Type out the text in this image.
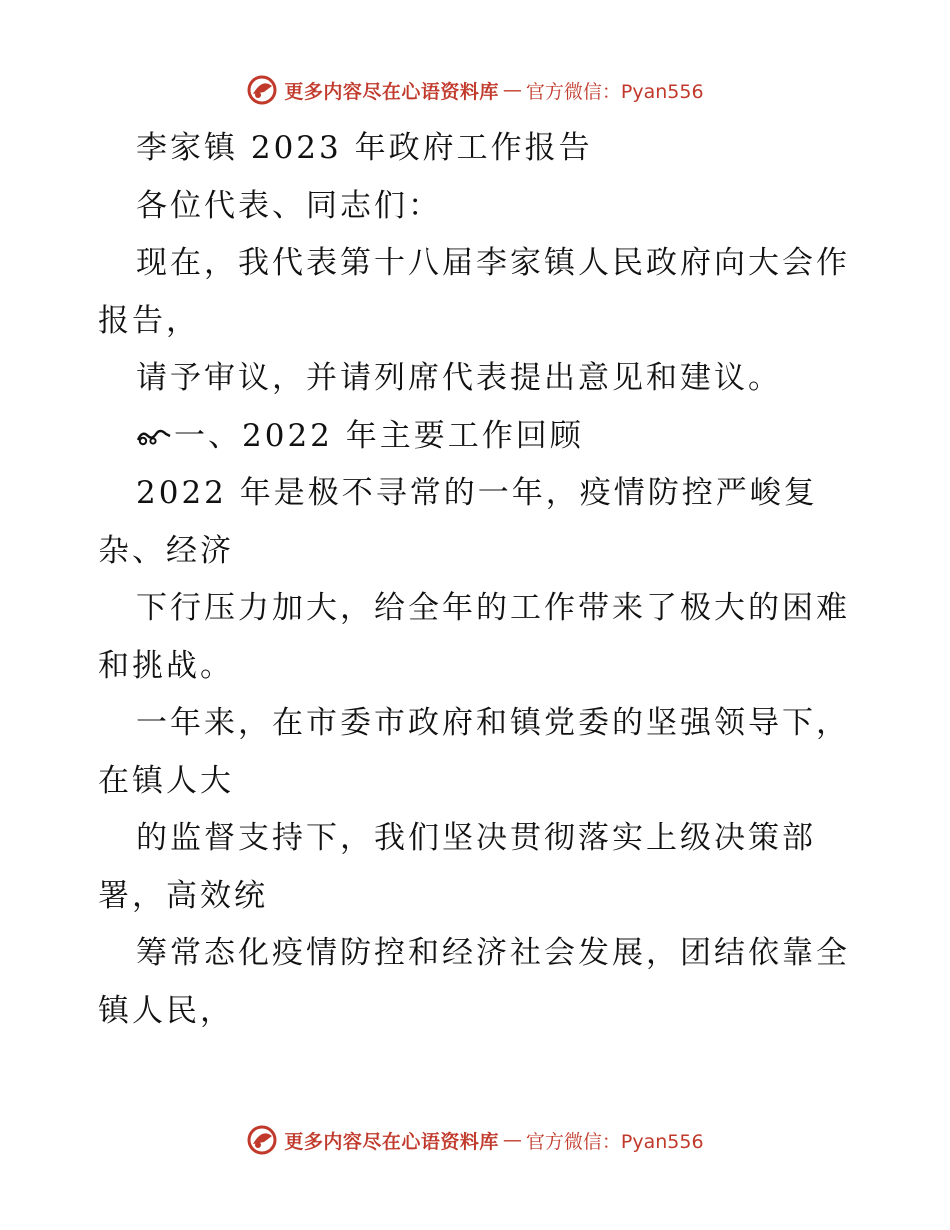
更多内容尽在心语资料库 — 官方微信：Pyan556
李家镇 2023 年政府工作报告
各位代表、同志们：
现在，我代表第十八届李家镇人民政府向大会作
报告，
请予审议，并请列席代表提出意见和建议。
一、2022 年主要工作回顾
2022 年是极不寻常的一年，疫情防控严峻复
杂、经济
下行压力加大，给全年的工作带来了极大的困难
和挑战。
一年来，在市委市政府和镇党委的坚强领导下，
在镇人大
的监督支持下，我们坚决贯彻落实上级决策部
署，高效统
筹常态化疫情防控和经济社会发展，团结依靠全
镇人民，
更多内容尽在心语资料库 — 官方微信：Pyan556
